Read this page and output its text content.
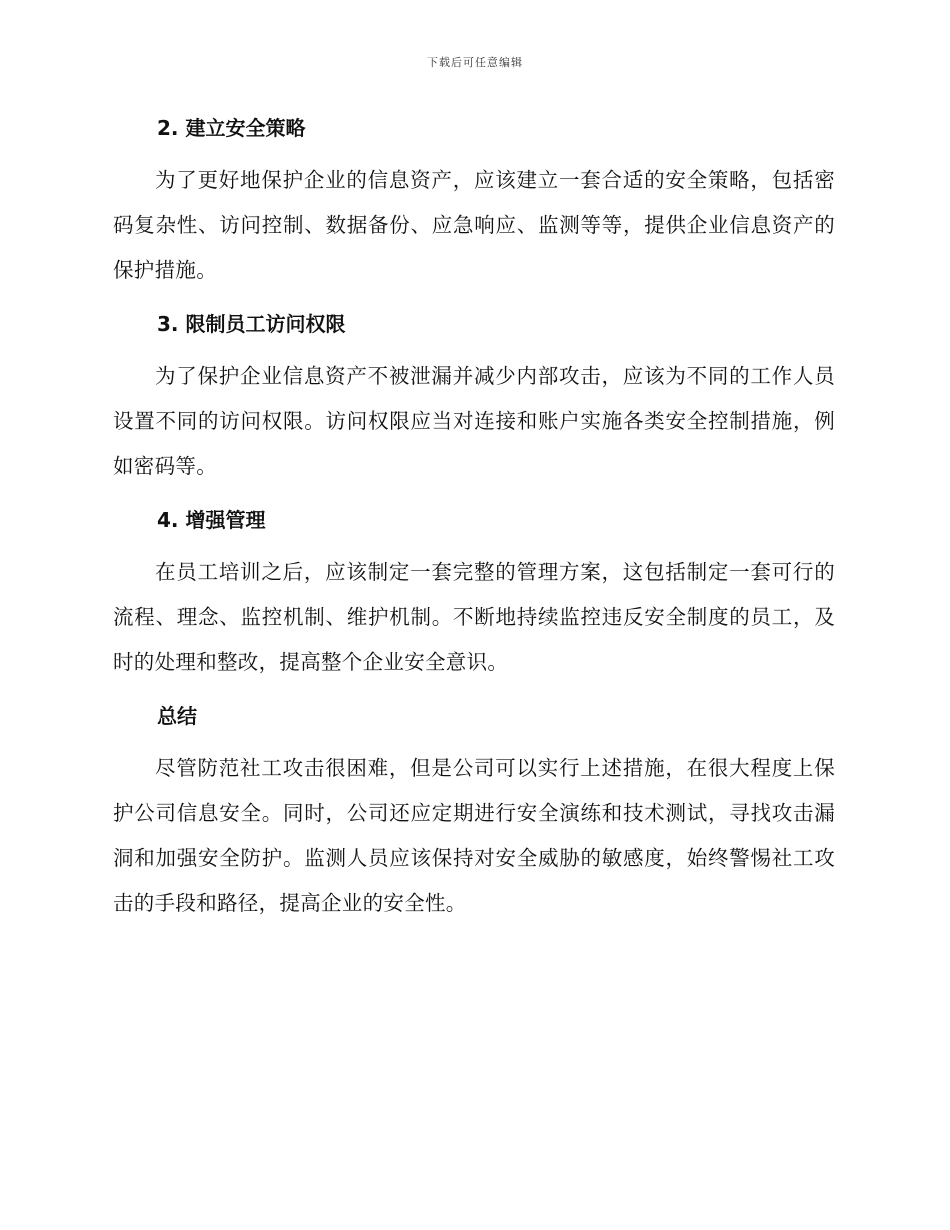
下载后可任意编辑
2. 建立安全策略

为了更好地保护企业的信息资产，应该建立一套合适的安全策略，包括密码复杂性、访问控制、数据备份、应急响应、监测等等，提供企业信息资产的保护措施。

3. 限制员工访问权限

为了保护企业信息资产不被泄漏并减少内部攻击，应该为不同的工作人员设置不同的访问权限。访问权限应当对连接和账户实施各类安全控制措施，例如密码等。

4. 增强管理

在员工培训之后，应该制定一套完整的管理方案，这包括制定一套可行的流程、理念、监控机制、维护机制。不断地持续监控违反安全制度的员工，及时的处理和整改，提高整个企业安全意识。

总结

尽管防范社工攻击很困难，但是公司可以实行上述措施，在很大程度上保护公司信息安全。同时，公司还应定期进行安全演练和技术测试，寻找攻击漏洞和加强安全防护。监测人员应该保持对安全威胁的敏感度，始终警惕社工攻击的手段和路径，提高企业的安全性。
